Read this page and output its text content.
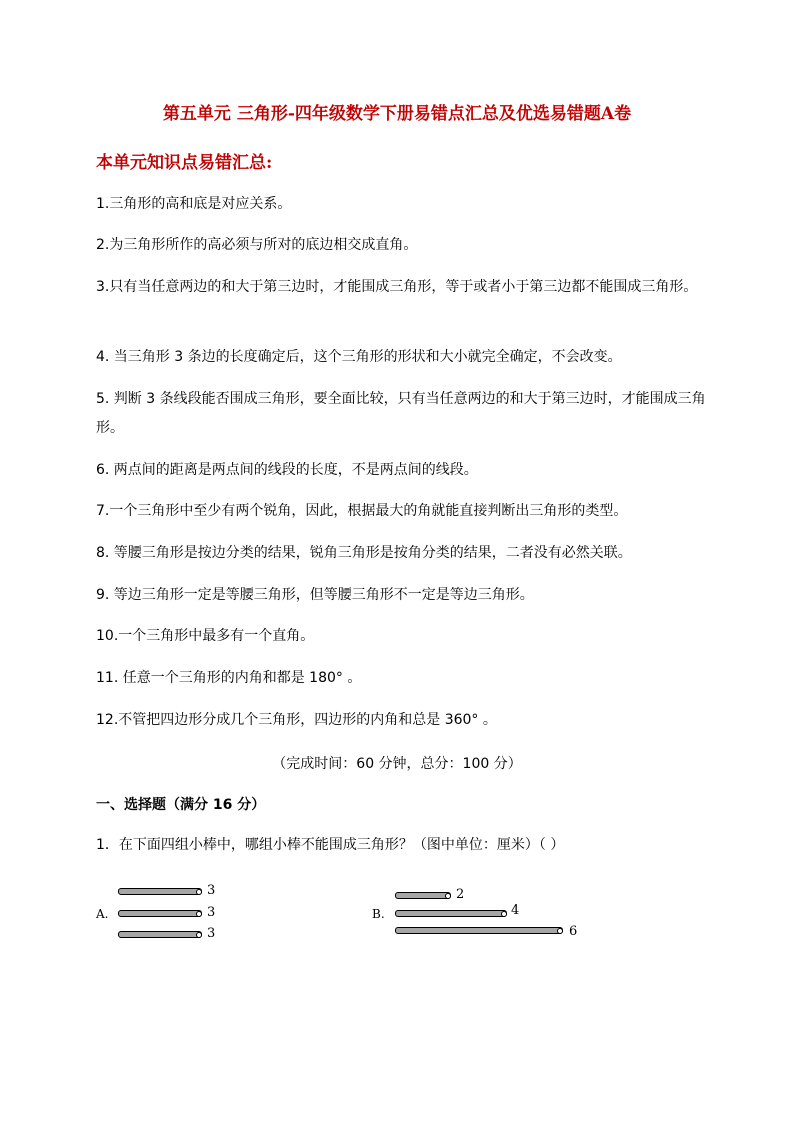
第五单元 三角形-四年级数学下册易错点汇总及优选易错题A卷
本单元知识点易错汇总:
1.三角形的高和底是对应关系。
2.为三角形所作的高必须与所对的底边相交成直角。
3.只有当任意两边的和大于第三边时，才能围成三角形，等于或者小于第三边都不能围成三角形。
4. 当三角形 3 条边的长度确定后，这个三角形的形状和大小就完全确定，不会改变。
5. 判断 3 条线段能否围成三角形，要全面比较，只有当任意两边的和大于第三边时，才能围成三角形。
6. 两点间的距离是两点间的线段的长度，不是两点间的线段。
7.一个三角形中至少有两个锐角，因此，根据最大的角就能直接判断出三角形的类型。
8. 等腰三角形是按边分类的结果，锐角三角形是按角分类的结果，二者没有必然关联。
9. 等边三角形一定是等腰三角形，但等腰三角形不一定是等边三角形。
10.一个三角形中最多有一个直角。
11. 任意一个三角形的内角和都是 180° 。
12.不管把四边形分成几个三角形，四边形的内角和总是 360° 。
（完成时间：60 分钟，总分：100 分）
一、选择题（满分 16 分）
1．在下面四组小棒中，哪组小棒不能围成三角形？（图中单位：厘米）（ ）
A.
3
3
3
B.
2
4
6
